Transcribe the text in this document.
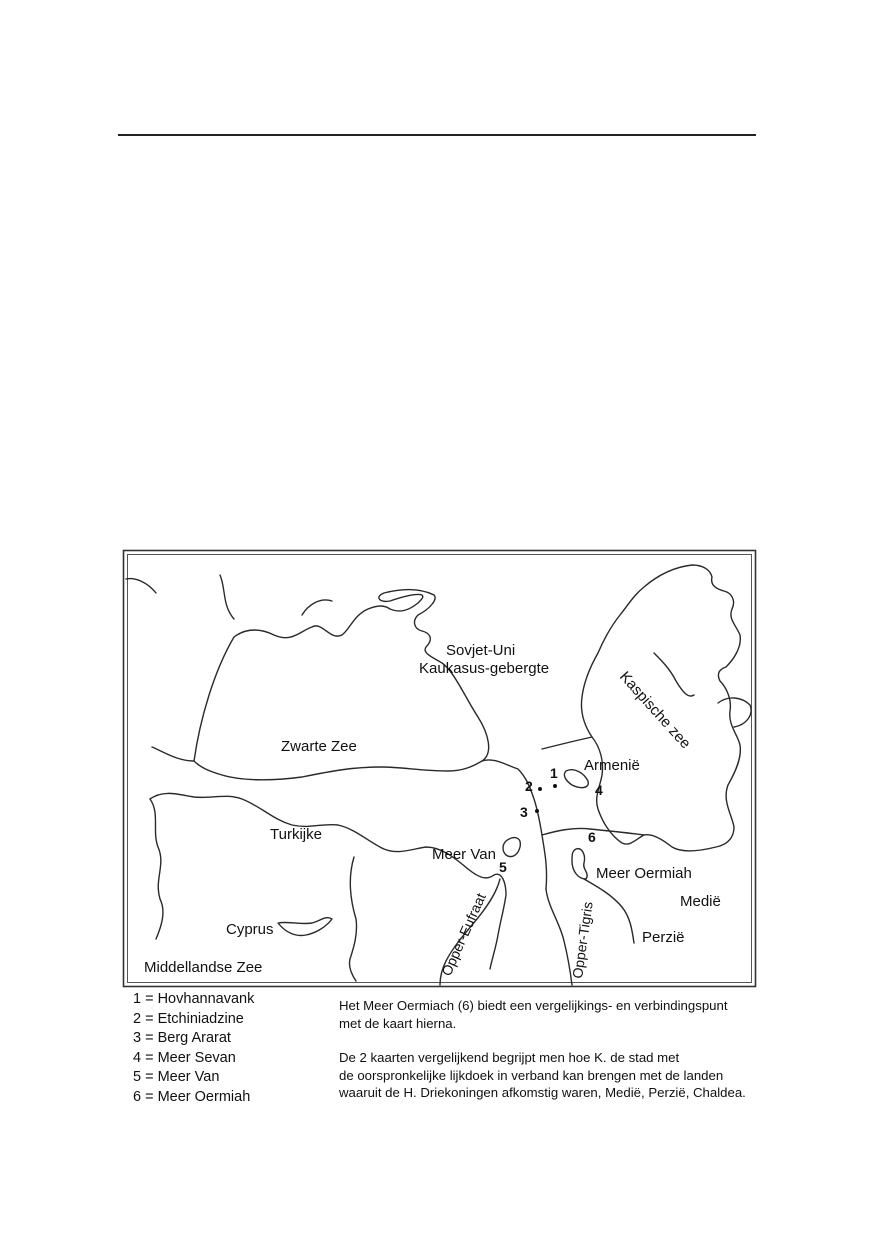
Sovjet-Uni
Kaukasus-gebergte
Zwarte Zee	Kaspische zee
Armenië
Turkijke
Meer Van
Meer Oermiah
Medië
Perzië
Cyprus
Middellandse Zee	Opper-Eufraat	Opper-Tigris
1
2
3
4
5
6
1 = Hovhannavank
2 = Etchiniadzine
3 = Berg Ararat
4 = Meer Sevan
5 = Meer Van
6 = Meer Oermiah

Het Meer Oermiach (6) biedt een vergelijkings- en verbindingspunt

met de kaart hierna.

De 2 kaarten vergelijkend begrijpt men hoe K. de stad met

de oorspronkelijke lijkdoek in verband kan brengen met de landen

waaruit de H. Driekoningen afkomstig waren, Medië, Perzië, Chaldea.
